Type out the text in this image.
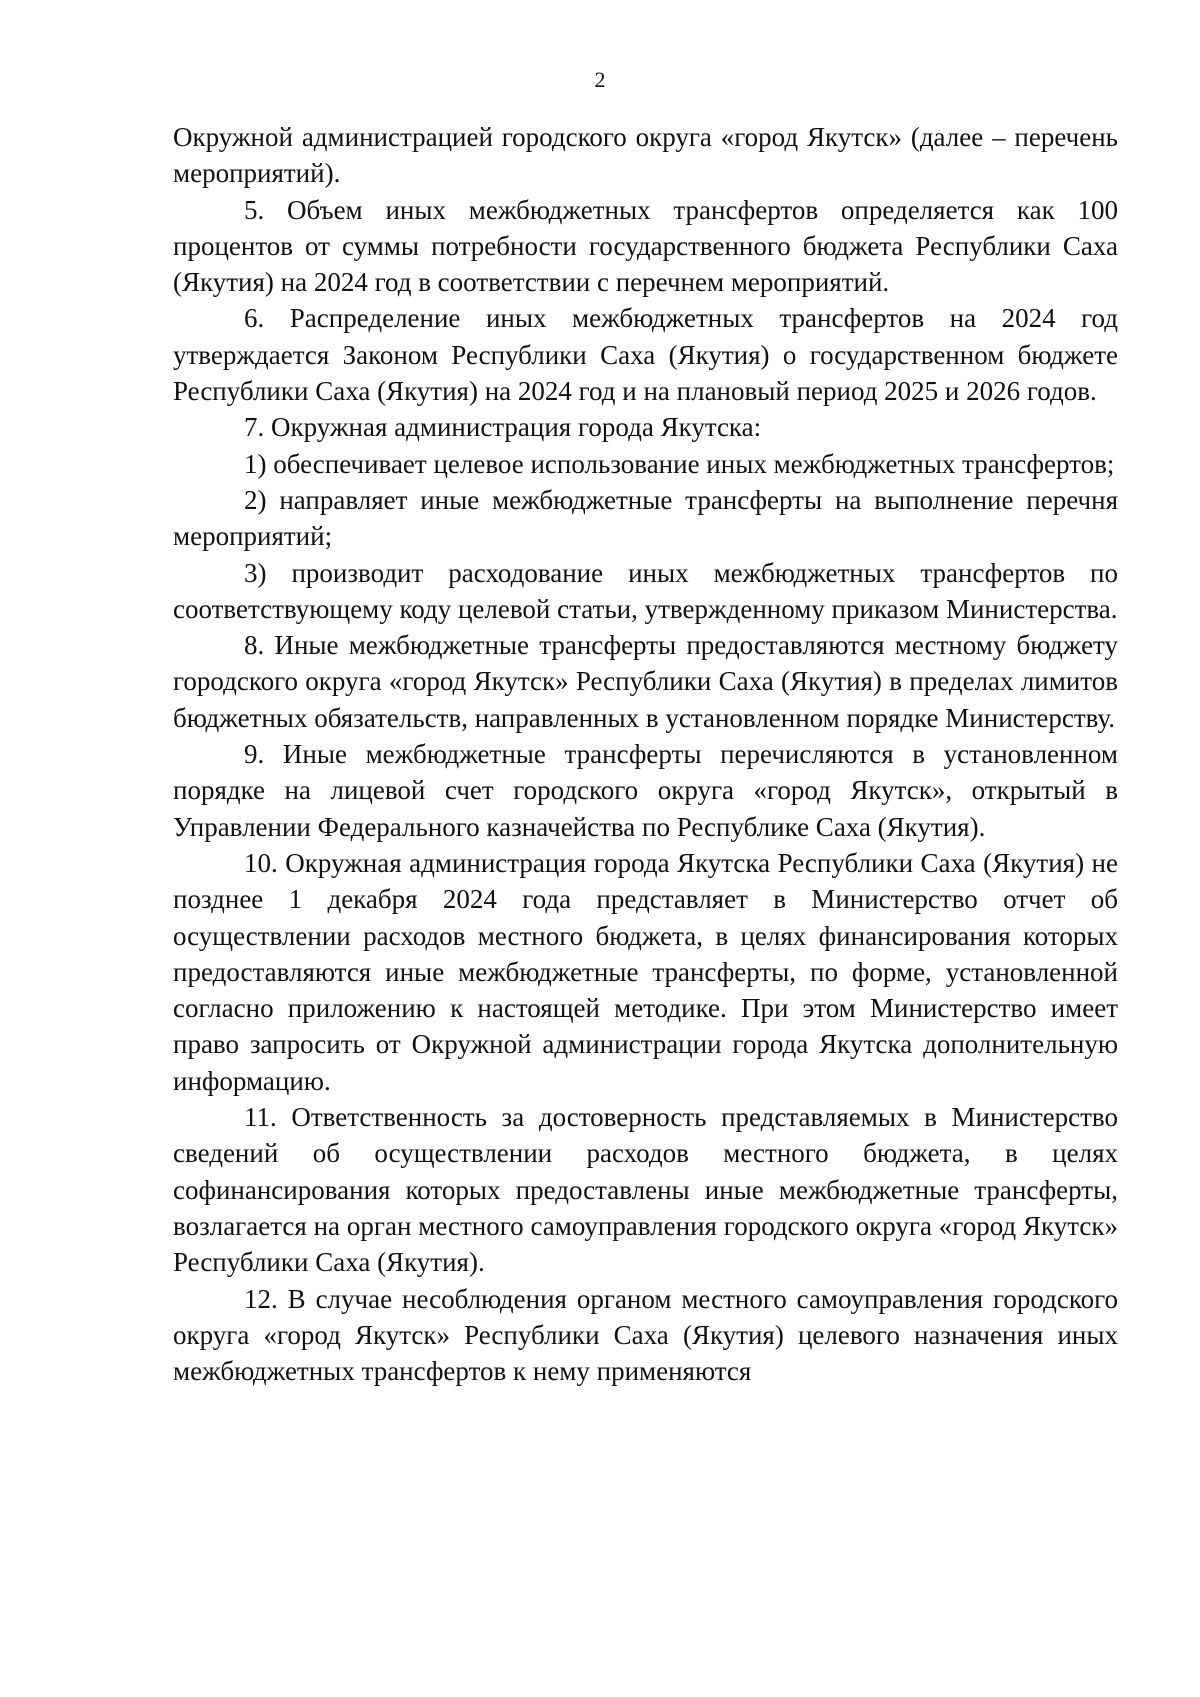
2

Окружной администрацией городского округа «город Якутск» (далее – перечень мероприятий).

5. Объем иных межбюджетных трансфертов определяется как 100 процентов от суммы потребности государственного бюджета Республики Саха (Якутия) на 2024 год в соответствии с перечнем мероприятий.

6. Распределение иных межбюджетных трансфертов на 2024 год утверждается Законом Республики Саха (Якутия) о государственном бюджете Республики Саха (Якутия) на 2024 год и на плановый период 2025 и 2026 годов.

7. Окружная администрация города Якутска:

1) обеспечивает целевое использование иных межбюджетных трансфертов;

2) направляет иные межбюджетные трансферты на выполнение перечня мероприятий;

3) производит расходование иных межбюджетных трансфертов по соответствующему коду целевой статьи, утвержденному приказом Министерства.

8. Иные межбюджетные трансферты предоставляются местному бюджету городского округа «город Якутск» Республики Саха (Якутия) в пределах лимитов бюджетных обязательств, направленных в установленном порядке Министерству.

9. Иные межбюджетные трансферты перечисляются в установленном порядке на лицевой счет городского округа «город Якутск», открытый в Управлении Федерального казначейства по Республике Саха (Якутия).

10. Окружная администрация города Якутска Республики Саха (Якутия) не позднее 1 декабря 2024 года представляет в Министерство отчет об осуществлении расходов местного бюджета, в целях финансирования которых предоставляются иные межбюджетные трансферты, по форме, установленной согласно приложению к настоящей методике. При этом Министерство имеет право запросить от Окружной администрации города Якутска дополнительную информацию.

11. Ответственность за достоверность представляемых в Министерство сведений об осуществлении расходов местного бюджета, в целях софинансирования которых предоставлены иные межбюджетные трансферты, возлагается на орган местного самоуправления городского округа «город Якутск» Республики Саха (Якутия).

12. В случае несоблюдения органом местного самоуправления городского округа «город Якутск» Республики Саха (Якутия) целевого назначения иных межбюджетных трансфертов к нему применяются
